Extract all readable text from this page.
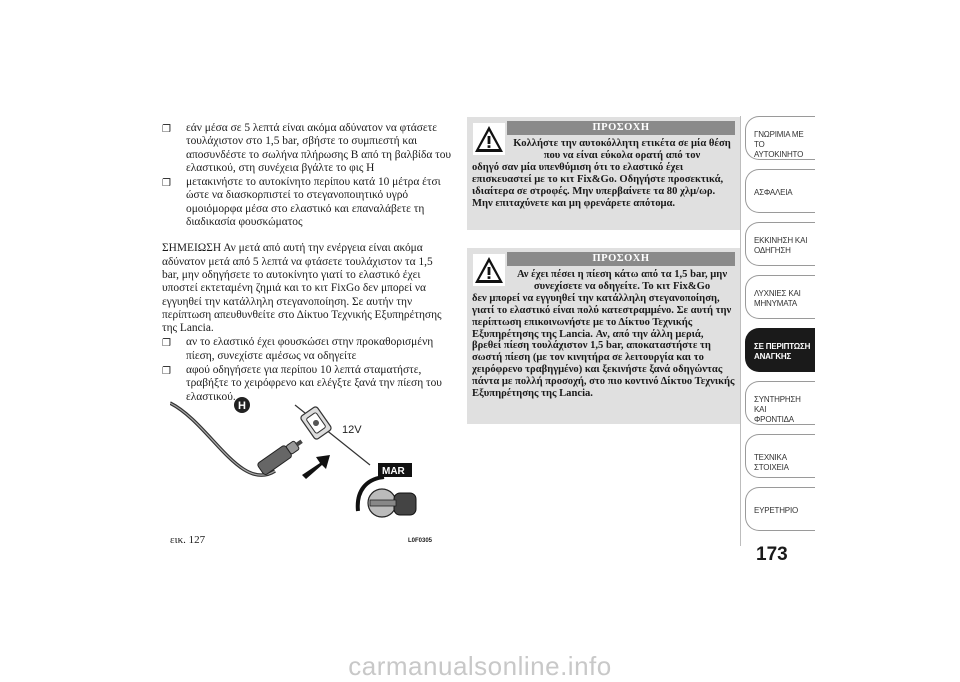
❐ εάν μέσα σε 5 λεπτά είναι ακόμα αδύνατον να φτάσετε τουλάχιστον στο 1,5 bar, σβήστε το συμπιεστή και αποσυνδέστε το σωλήνα πλήρωσης B από τη βαλβίδα του ελαστικού, στη συνέχεια βγάλτε το φις H
❐ μετακινήστε το αυτοκίνητο περίπου κατά 10 μέτρα έτσι ώστε να διασκορπιστεί το στεγανοποιητικό υγρό ομοιόμορφα μέσα στο ελαστικό και επαναλάβετε τη διαδικασία φουσκώματος
ΣΗΜΕΙΩΣΗ Αν μετά από αυτή την ενέργεια είναι ακόμα αδύνατον μετά από 5 λεπτά να φτάσετε τουλάχιστον τα 1,5 bar, μην οδηγήσετε το αυτοκίνητο γιατί το ελαστικό έχει υποστεί εκτεταμένη ζημιά και το κιτ FixGo δεν μπορεί να εγγυηθεί την κατάλληλη στεγανοποίηση. Σε αυτήν την περίπτωση απευθυνθείτε στο Δίκτυο Τεχνικής Εξυπηρέτησης της Lancia.
❐ αν το ελαστικό έχει φουσκώσει στην προκαθορισμένη πίεση, συνεχίστε αμέσως να οδηγείτε
❐ αφού οδηγήσετε για περίπου 10 λεπτά σταματήστε, τραβήξτε το χειρόφρενο και ελέγξτε ξανά την πίεση του ελαστικού.
12V
H
MAR
εικ. 127	L0F0305
ΠΡΟΣΟΧΗ
Κολλήστε την αυτοκόλλητη ετικέτα σε μία θέση που να είναι εύκολα ορατή από τον
οδηγό σαν μία υπενθύμιση ότι το ελαστικό έχει επισκευαστεί με το κιτ Fix&Go. Οδηγήστε προσεκτικά, ιδιαίτερα σε στροφές. Μην υπερβαίνετε τα 80 χλμ/ωρ. Μην επιταχύνετε και μη φρενάρετε απότομα.
ΠΡΟΣΟΧΗ
Αν έχει πέσει η πίεση κάτω από τα 1,5 bar, μην συνεχίσετε να οδηγείτε. Το κιτ Fix&Go
δεν μπορεί να εγγυηθεί την κατάλληλη στεγανοποίηση, γιατί το ελαστικό είναι πολύ κατεστραμμένο. Σε αυτή την περίπτωση επικοινωνήστε με το Δίκτυο Τεχνικής Εξυπηρέτησης της Lancia. Αν, από την άλλη μεριά, βρεθεί πίεση τουλάχιστον 1,5 bar, αποκαταστήστε τη σωστή πίεση (με τον κινητήρα σε λειτουργία και το χειρόφρενο τραβηγμένο) και ξεκινήστε ξανά οδηγώντας πάντα με πολλή προσοχή, στο πιο κοντινό Δίκτυο Τεχνικής Εξυπηρέτησης της Lancia.
ΓΝΩΡΙΜΙΑ ΜΕ ΤΟ
ΑΥΤΟΚΙΝΗΤΟ
ΑΣΦΑΛΕΙΑ
ΕΚΚΙΝΗΣΗ ΚΑΙ
ΟΔΗΓΗΣΗ
ΛΥΧΝΙΕΣ ΚΑΙ
ΜΗΝΥΜΑΤΑ
ΣΕ ΠΕΡΙΠΤΩΣΗ
ΑΝΑΓΚΗΣ
ΣΥΝΤΗΡΗΣΗ ΚΑΙ
ΦΡΟΝΤΙΔΑ
ΤΕΧΝΙΚΑ ΣΤΟΙΧΕΙΑ
ΕΥΡΕΤΗΡΙΟ
173
carmanualsonline.info
